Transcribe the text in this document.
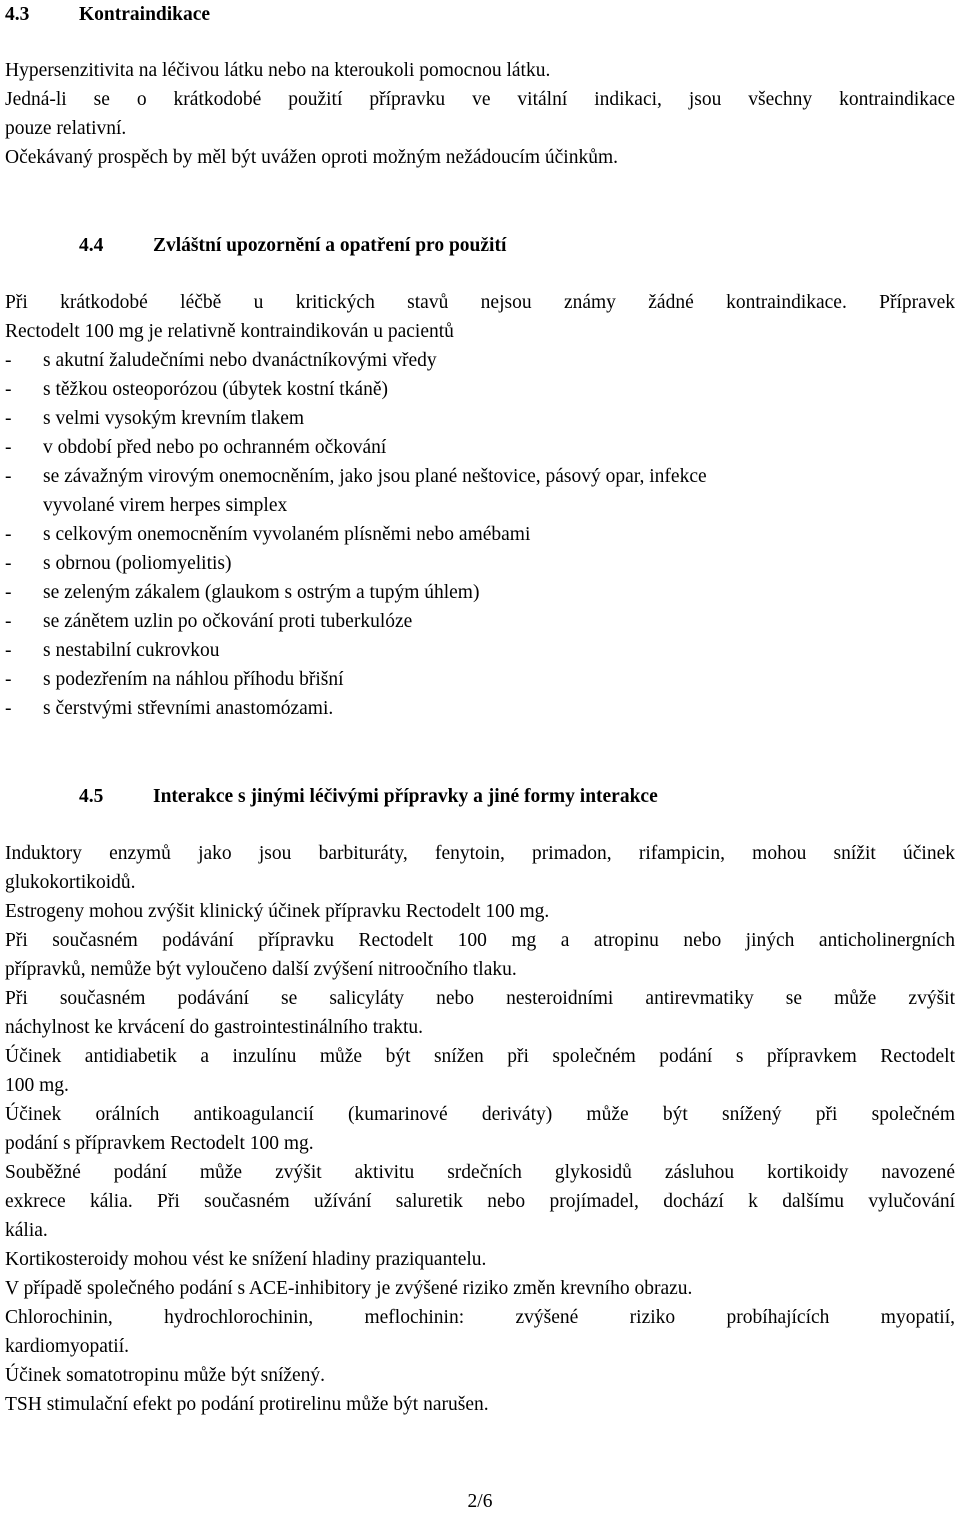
4.3	Kontraindikace
Hypersenzitivita na léčivou látku nebo na kteroukoli pomocnou látku.
Jedná-li se o krátkodobé použití přípravku ve vitální indikaci, jsou všechny kontraindikace
pouze relativní.
Očekávaný prospěch by měl být uvážen oproti možným nežádoucím účinkům.
4.4	Zvláštní upozornění a opatření pro použití
Při krátkodobé léčbě u kritických stavů nejsou známy žádné kontraindikace. Přípravek
Rectodelt 100 mg je relativně kontraindikován u pacientů
- s akutní žaludečními nebo dvanáctníkovými vředy
- s těžkou osteoporózou (úbytek kostní tkáně)
- s velmi vysokým krevním tlakem
- v období před nebo po ochranném očkování
- se závažným virovým onemocněním, jako jsou plané neštovice, pásový opar, infekce
vyvolané virem herpes simplex
- s celkovým onemocněním vyvolaném plísněmi nebo amébami
- s obrnou (poliomyelitis)
- se zeleným zákalem (glaukom s ostrým a tupým úhlem)
- se zánětem uzlin po očkování proti tuberkulóze
- s nestabilní cukrovkou
- s podezřením na náhlou příhodu břišní
- s čerstvými střevními anastomózami.
4.5	Interakce s jinými léčivými přípravky a jiné formy interakce
Induktory enzymů jako jsou barbituráty, fenytoin, primadon, rifampicin, mohou snížit účinek
glukokortikoidů.
Estrogeny mohou zvýšit klinický účinek přípravku Rectodelt 100 mg.
Při současném podávání přípravku Rectodelt 100 mg a atropinu nebo jiných anticholinergních
přípravků, nemůže být vyloučeno další zvýšení nitroočního tlaku.
Při současném podávání se salicyláty nebo nesteroidními antirevmatiky se může zvýšit
náchylnost ke krvácení do gastrointestinálního traktu.
Účinek antidiabetik a inzulínu může být snížen při společném podání s přípravkem Rectodelt
100 mg.
Účinek orálních antikoagulancií (kumarinové deriváty) může být snížený při společném
podání s přípravkem Rectodelt 100 mg.
Souběžné podání může zvýšit aktivitu srdečních glykosidů zásluhou kortikoidy navozené
exkrece kália. Při současném užívání saluretik nebo projímadel, dochází k dalšímu vylučování
kália.
Kortikosteroidy mohou vést ke snížení hladiny praziquantelu.
V případě společného podání s ACE-inhibitory je zvýšené riziko změn krevního obrazu.
Chlorochinin, hydrochlorochinin, meflochinin: zvýšené riziko probíhajících myopatií,
kardiomyopatií.
Účinek somatotropinu může být snížený.
TSH stimulační efekt po podání protirelinu může být narušen.
2/6
